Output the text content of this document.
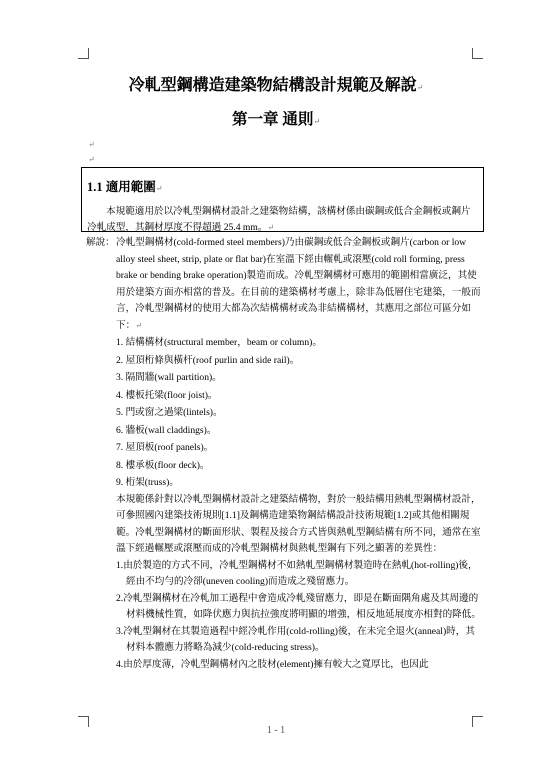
冷軋型鋼構造建築物結構設計規範及解說↵
第一章 通則↵
↵
↵
1.1 適用範圍↵
本規範適用於以冷軋型鋼構材設計之建築物結構，該構材係由碳鋼或低合金鋼板或鋼片冷軋成型，其鋼材厚度不得超過 25.4 mm。↵
解說： 冷軋型鋼構材(cold-formed steel members)乃由碳鋼或低合金鋼板或鋼片(carbon or low alloy steel sheet, strip, plate or flat bar)在室溫下經由輾軋或滾壓(cold roll forming, press brake or bending brake operation)製造而成。冷軋型鋼構材可應用的範圍相當廣泛，其使用於建築方面亦相當的普及。在目前的建築構材考慮上，除非為低層住宅建築，一般而言，冷軋型鋼構材的使用大都為次結構構材或為非結構構材，其應用之部位可區分如下：↵
1. 結構構材(structural member，beam or column)。
2. 屋頂桁條與橫杆(roof purlin and side rail)。
3. 隔間牆(wall partition)。
4. 樓板托梁(floor joist)。
5. 門或窗之過梁(lintels)。
6. 牆板(wall claddings)。
7. 屋頂板(roof panels)。
8. 樓承板(floor deck)。
9. 桁架(truss)。
本規範係針對以冷軋型鋼構材設計之建築結構物，對於一般結構用熱軋型鋼構材設計，可參照國內建築技術規則[1.1]及鋼構造建築物鋼結構設計技術規範[1.2]或其他相關規範。冷軋型鋼構材的斷面形狀、製程及接合方式皆與熱軋型鋼結構有所不同，通常在室溫下經過輾壓或滾壓而成的冷軋型鋼構材與熱軋型鋼有下列之顯著的差異性：
1.由於製造的方式不同，冷軋型鋼構材不如熱軋型鋼構材製造時在熱軋(hot-rolling)後，經由不均勻的冷卻(uneven cooling)而造成之殘留應力。
2.冷軋型鋼構材在冷軋加工過程中會造成冷軋殘留應力，即是在斷面隅角處及其周邊的材料機械性質，如降伏應力與抗拉強度將明顯的增強，相反地延展度亦相對的降低。
3.冷軋型鋼材在其製造過程中經冷軋作用(cold-rolling)後，在未完全退火(anneal)時，其材料本體應力將略為減少(cold-reducing stress)。
4.由於厚度薄，冷軋型鋼構材內之肢材(element)擁有較大之寬厚比，也因此
1 - 1
